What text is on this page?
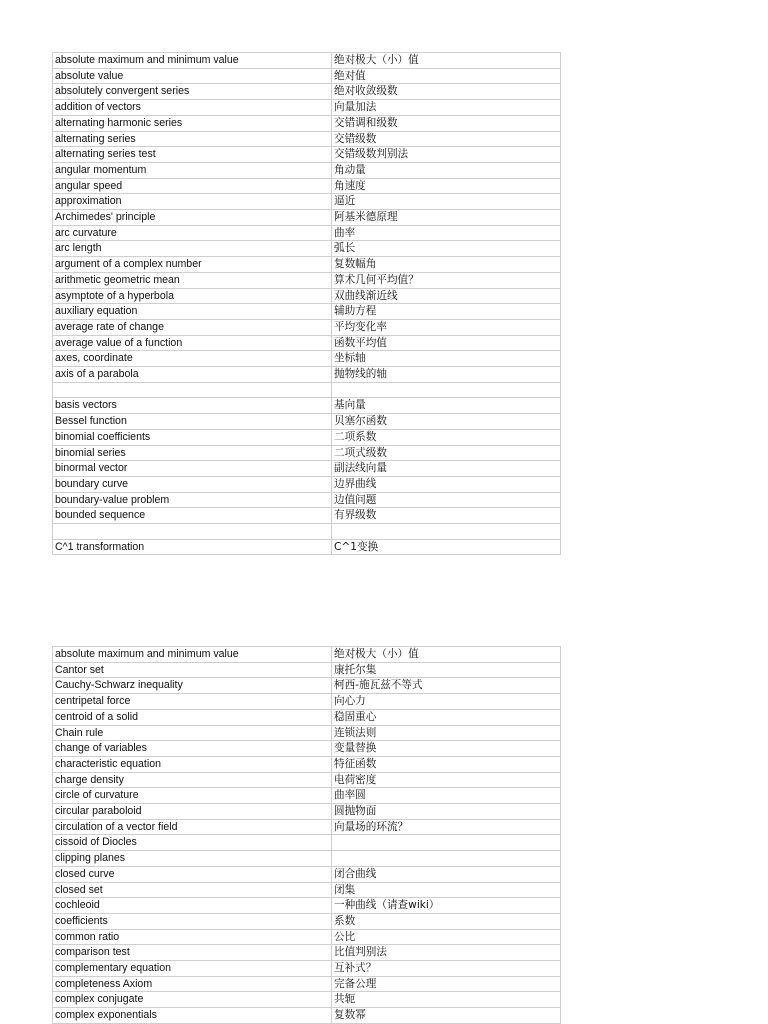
absolute maximum and minimum value	绝对极大（小）值
absolute value	绝对值
absolutely convergent series	绝对收敛级数
addition of vectors	向量加法
alternating harmonic series	交错调和级数
alternating series	交错级数
alternating series test	交错级数判别法
angular momentum	角动量
angular speed	角速度
approximation	逼近
Archimedes' principle	阿基米德原理
arc curvature	曲率
arc length	弧长
argument of a complex number	复数幅角
arithmetic geometric mean	算术几何平均值？
asymptote of a hyperbola	双曲线渐近线
auxiliary equation	辅助方程
average rate of change	平均变化率
average value of a function	函数平均值
axes, coordinate	坐标轴
axis of a parabola	抛物线的轴

basis vectors	基向量
Bessel function	贝塞尔函数
binomial coefficients	二项系数
binomial series	二项式级数
binormal vector	副法线向量
boundary curve	边界曲线
boundary-value problem	边值问题
bounded sequence	有界级数

C^1 transformation	C^1变换
absolute maximum and minimum value	绝对极大（小）值
Cantor set	康托尔集
Cauchy-Schwarz inequality	柯西-施瓦兹不等式
centripetal force	向心力
centroid of a solid	稳固重心
Chain rule	连锁法则
change of variables	变量替换
characteristic equation	特征函数
charge density	电荷密度
circle of curvature	曲率圆
circular paraboloid	圆抛物面
circulation of a vector field	向量场的环流？
cissoid of Diocles	
clipping planes	
closed curve	闭合曲线
closed set	闭集
cochleoid	一种曲线（请查wiki）
coefficients	系数
common ratio	公比
comparison test	比值判别法
complementary equation	互补式？
completeness Axiom	完备公理
complex conjugate	共轭
complex exponentials	复数幂
